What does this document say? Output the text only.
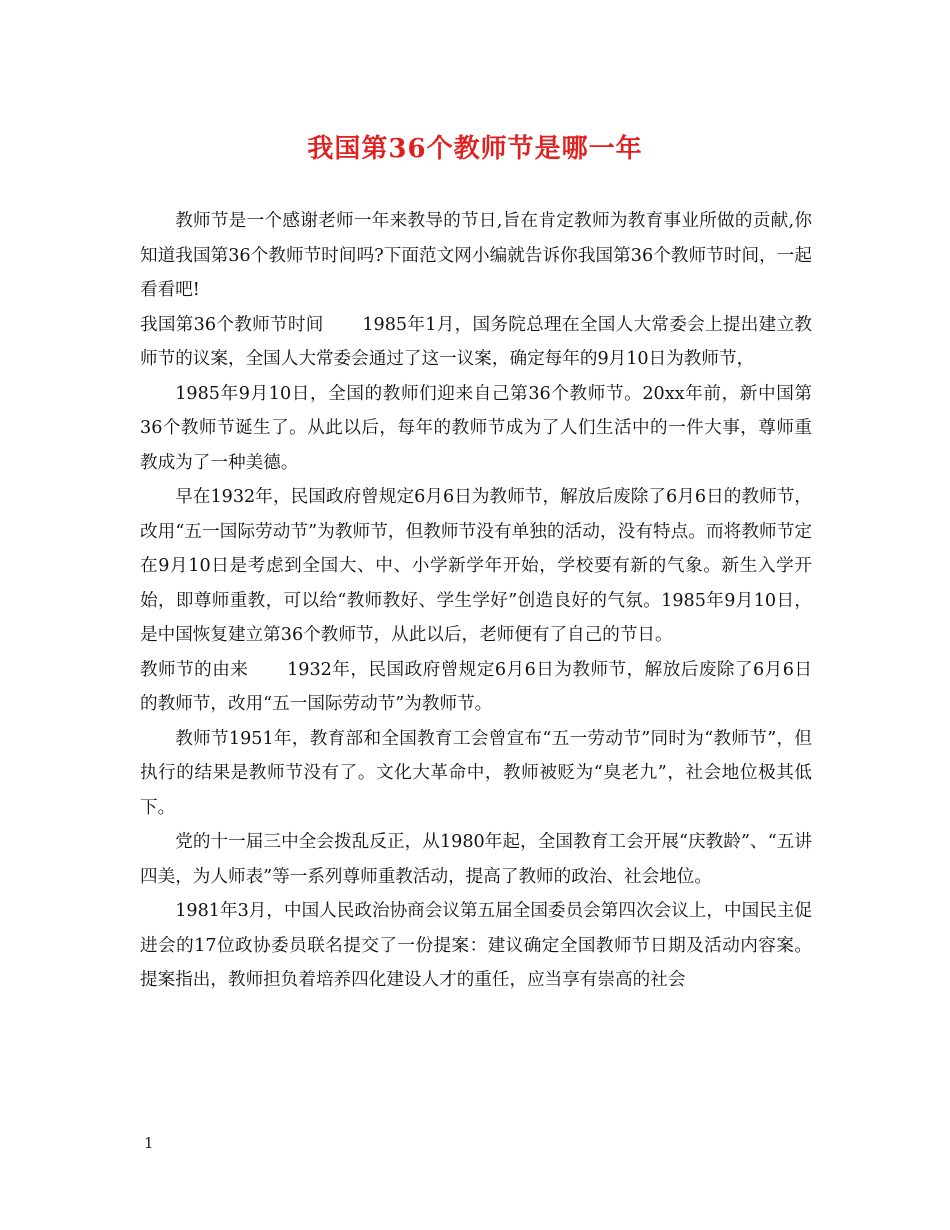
我国第36个教师节是哪一年

教师节是一个感谢老师一年来教导的节日,旨在肯定教师为教育事业所做的贡献,你知道我国第36个教师节时间吗?下面范文网小编就告诉你我国第36个教师节时间，一起看看吧!

我国第36个教师节时间 1985年1月，国务院总理在全国人大常委会上提出建立教师节的议案，全国人大常委会通过了这一议案，确定每年的9月10日为教师节，

1985年9月10日，全国的教师们迎来自己第36个教师节。20xx年前，新中国第36个教师节诞生了。从此以后，每年的教师节成为了人们生活中的一件大事，尊师重教成为了一种美德。

早在1932年，民国政府曾规定6月6日为教师节，解放后废除了6月6日的教师节，改用“五一国际劳动节”为教师节，但教师节没有单独的活动，没有特点。而将教师节定在9月10日是考虑到全国大、中、小学新学年开始，学校要有新的气象。新生入学开始，即尊师重教，可以给“教师教好、学生学好”创造良好的气氛。1985年9月10日，是中国恢复建立第36个教师节，从此以后，老师便有了自己的节日。

教师节的由来 1932年，民国政府曾规定6月6日为教师节，解放后废除了6月6日的教师节，改用“五一国际劳动节”为教师节。

教师节1951年，教育部和全国教育工会曾宣布“五一劳动节”同时为“教师节”，但执行的结果是教师节没有了。文化大革命中，教师被贬为“臭老九”，社会地位极其低下。

党的十一届三中全会拨乱反正，从1980年起，全国教育工会开展“庆教龄”、“五讲四美，为人师表”等一系列尊师重教活动，提高了教师的政治、社会地位。

1981年3月，中国人民政治协商会议第五届全国委员会第四次会议上，中国民主促进会的17位政协委员联名提交了一份提案：建议确定全国教师节日期及活动内容案。提案指出，教师担负着培养四化建设人才的重任，应当享有崇高的社会

1
